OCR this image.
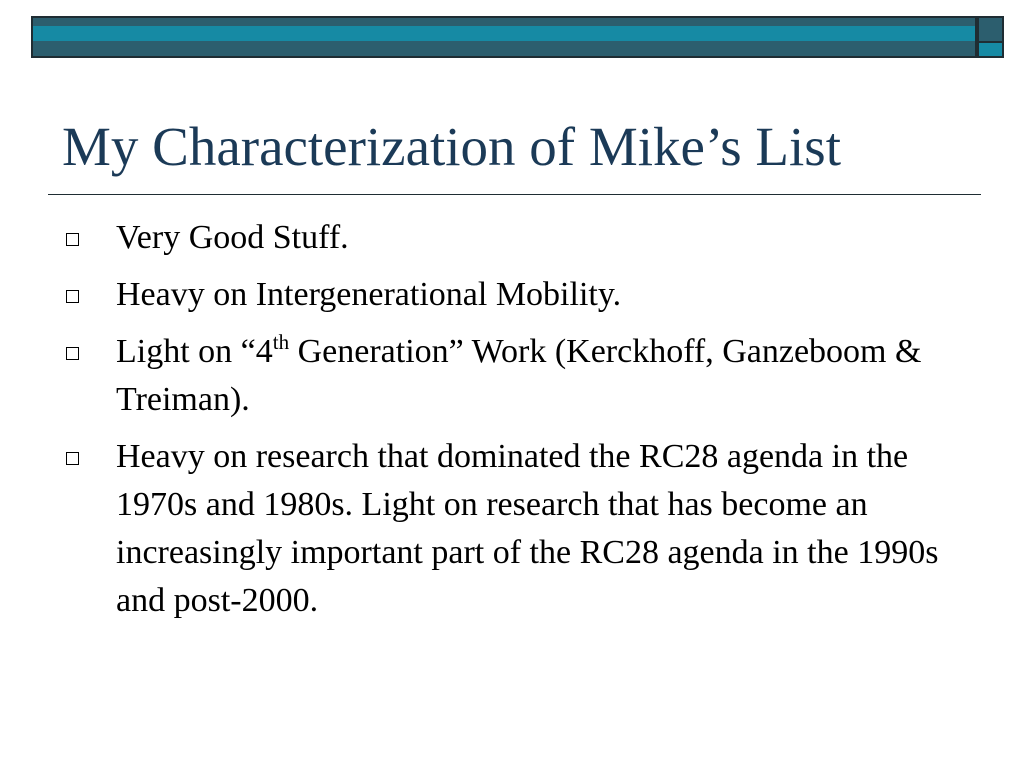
My Characterization of Mike’s List
Very Good Stuff.
Heavy on Intergenerational Mobility.
Light on “4th Generation” Work (Kerckhoff, Ganzeboom & Treiman).
Heavy on research that dominated the RC28 agenda in the 1970s and 1980s. Light on research that has become an increasingly important part of the RC28 agenda in the 1990s and post-2000.
